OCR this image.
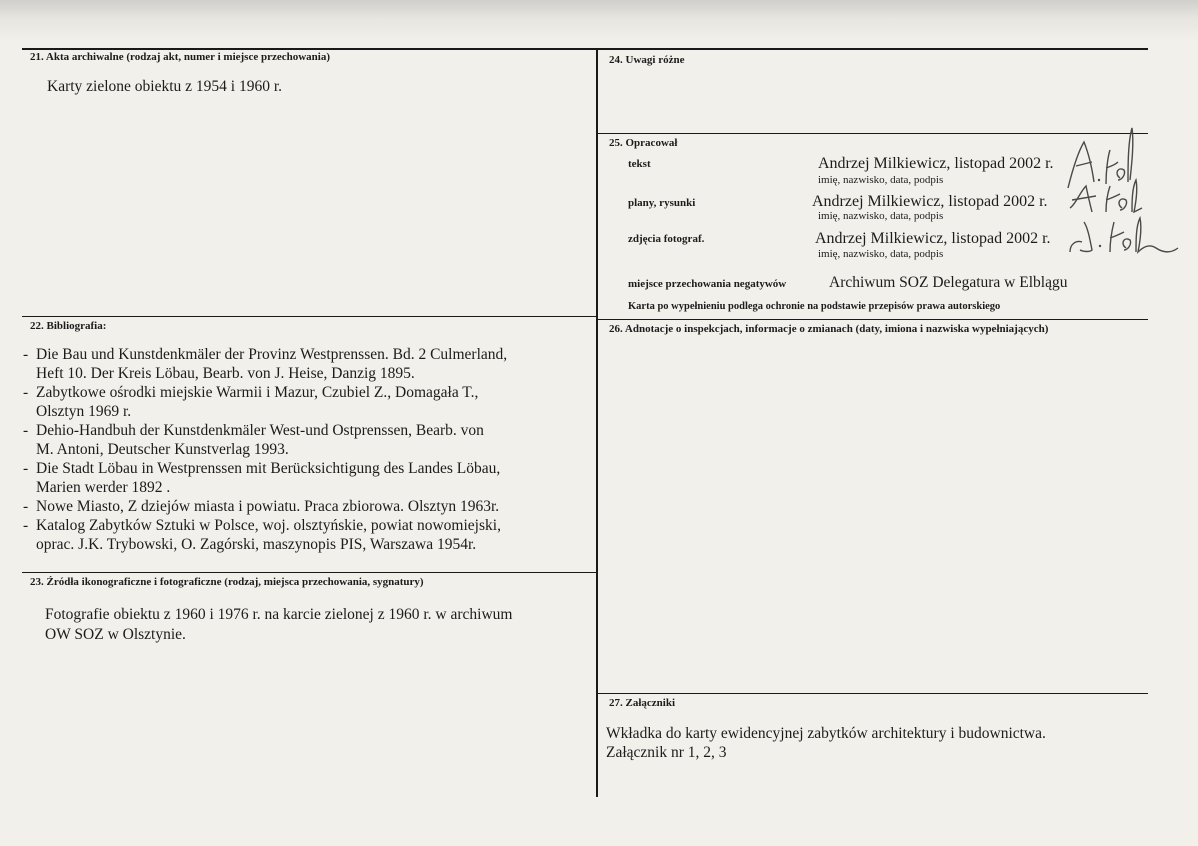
21. Akta archiwalne (rodzaj akt, numer i miejsce przechowania)
Karty zielone obiektu z 1954 i 1960 r.
22. Bibliografia:
- Die Bau und Kunstdenkmäler der Provinz Westprenssen. Bd. 2 Culmerland,
Heft 10. Der Kreis Löbau, Bearb. von J. Heise, Danzig 1895.
- Zabytkowe ośrodki miejskie Warmii i Mazur, Czubiel Z., Domagała T.,
Olsztyn 1969 r.
- Dehio-Handbuh der Kunstdenkmäler West-und Ostprenssen, Bearb. von
M. Antoni, Deutscher Kunstverlag 1993.
- Die Stadt Löbau in Westprenssen mit Berücksichtigung des Landes Löbau,
Marien werder 1892 .
- Nowe Miasto, Z dziejów miasta i powiatu. Praca zbiorowa. Olsztyn 1963r.
- Katalog Zabytków Sztuki w Polsce, woj. olsztyńskie, powiat nowomiejski,
oprac. J.K. Trybowski, O. Zagórski, maszynopis PIS, Warszawa 1954r.
23. Źródła ikonograficzne i fotograficzne (rodzaj, miejsca przechowania, sygnatury)
Fotografie obiektu z 1960 i 1976 r. na karcie zielonej z 1960 r. w archiwum
OW SOZ w Olsztynie.
24. Uwagi różne
25. Opracował
tekst	Andrzej Milkiewicz, listopad 2002 r.
imię, nazwisko, data, podpis
plany, rysunki	Andrzej Milkiewicz, listopad 2002 r.
imię, nazwisko, data, podpis
zdjęcia fotograf.	Andrzej Milkiewicz, listopad 2002 r.
imię, nazwisko, data, podpis
miejsce przechowania negatywów	Archiwum SOZ Delegatura w Elblągu
Karta po wypełnieniu podlega ochronie na podstawie przepisów prawa autorskiego
26. Adnotacje o inspekcjach, informacje o zmianach (daty, imiona i nazwiska wypełniających)
27. Załączniki
Wkładka do karty ewidencyjnej zabytków architektury i budownictwa.
Załącznik nr 1, 2, 3
